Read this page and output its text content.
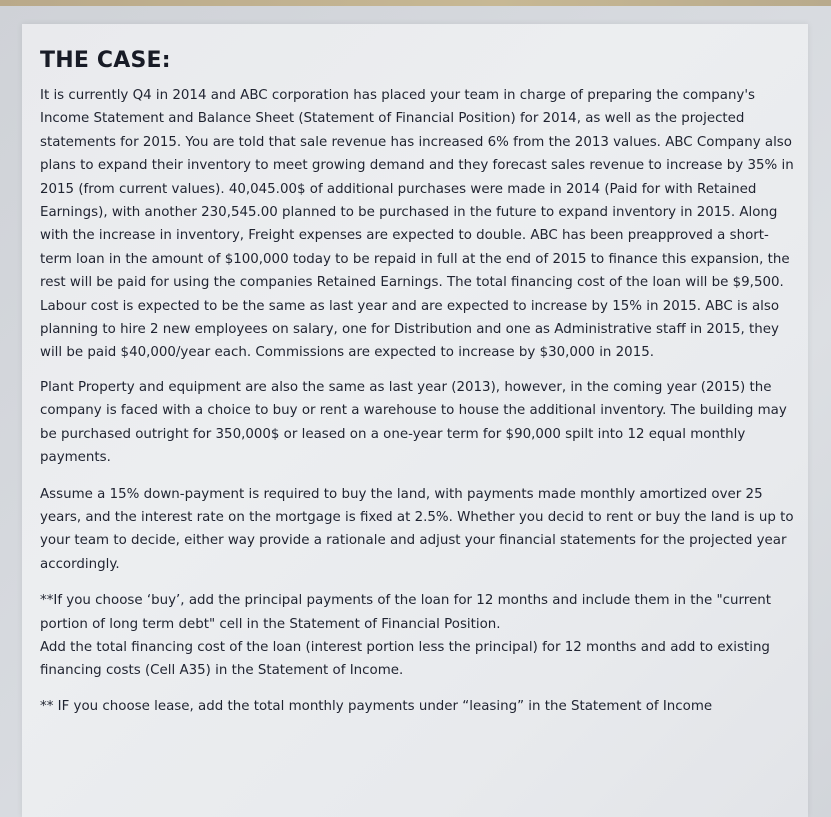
THE CASE:

It is currently Q4 in 2014 and ABC corporation has placed your team in charge of preparing the company's Income Statement and Balance Sheet (Statement of Financial Position) for 2014, as well as the projected statements for 2015. You are told that sale revenue has increased 6% from the 2013 values. ABC Company also plans to expand their inventory to meet growing demand and they forecast sales revenue to increase by 35% in 2015 (from current values). 40,045.00$ of additional purchases were made in 2014 (Paid for with Retained Earnings), with another 230,545.00 planned to be purchased in the future to expand inventory in 2015. Along with the increase in inventory, Freight expenses are expected to double. ABC has been preapproved a short-term loan in the amount of $100,000 today to be repaid in full at the end of 2015 to finance this expansion, the rest will be paid for using the companies Retained Earnings. The total financing cost of the loan will be $9,500. Labour cost is expected to be the same as last year and are expected to increase by 15% in 2015. ABC is also planning to hire 2 new employees on salary, one for Distribution and one as Administrative staff in 2015, they will be paid $40,000/year each. Commissions are expected to increase by $30,000 in 2015.

Plant Property and equipment are also the same as last year (2013), however, in the coming year (2015) the company is faced with a choice to buy or rent a warehouse to house the additional inventory. The building may be purchased outright for 350,000$ or leased on a one-year term for $90,000 spilt into 12 equal monthly payments.

Assume a 15% down-payment is required to buy the land, with payments made monthly amortized over 25 years, and the interest rate on the mortgage is fixed at 2.5%. Whether you decid to rent or buy the land is up to your team to decide, either way provide a rationale and adjust your financial statements for the projected year accordingly.

**If you choose ‘buy’, add the principal payments of the loan for 12 months and include them in the "current portion of long term debt" cell in the Statement of Financial Position.

Add the total financing cost of the loan (interest portion less the principal) for 12 months and add to existing financing costs (Cell A35) in the Statement of Income.

** IF you choose lease, add the total monthly payments under “leasing” in the Statement of Income
